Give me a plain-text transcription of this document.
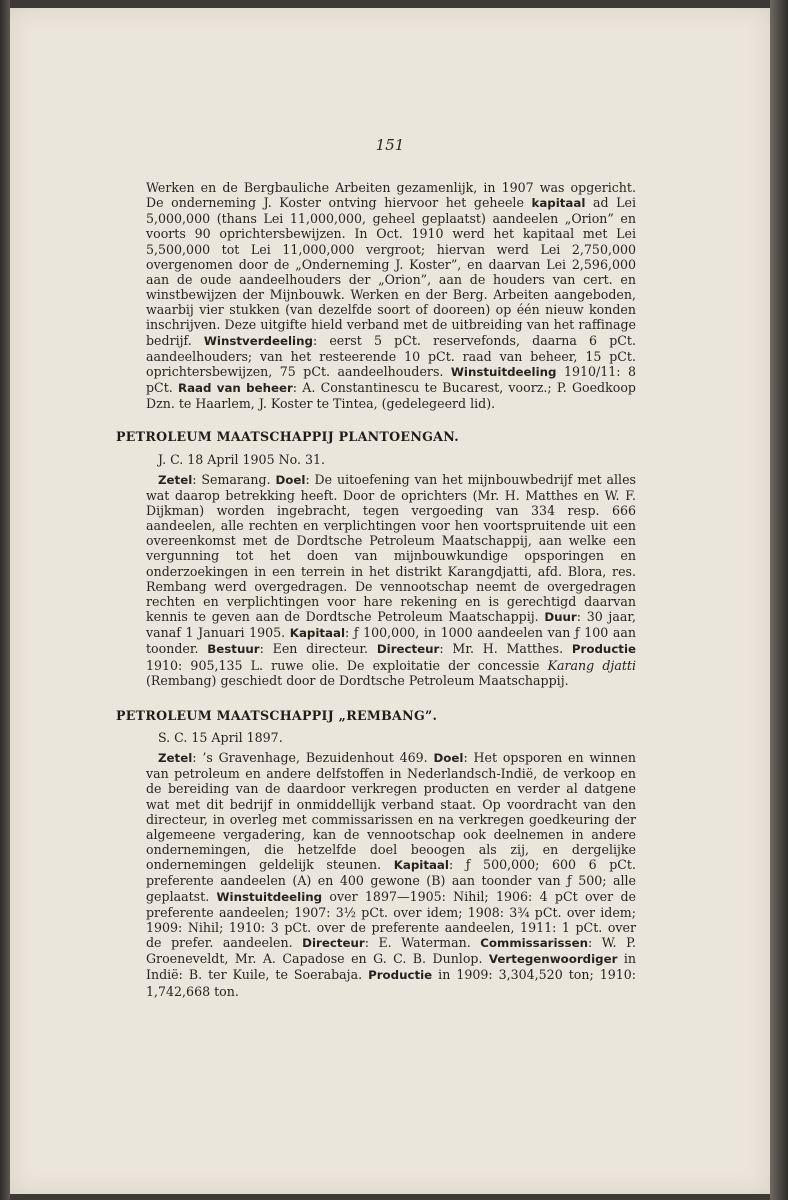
151

Werken en de Bergbauliche Arbeiten gezamenlijk, in 1907 was opgericht. De onderneming J. Koster ontving hiervoor het geheele kapitaal ad Lei 5,000,000 (thans Lei 11,000,000, geheel geplaatst) aandeelen „Orion” en voorts 90 oprichtersbewijzen. In Oct. 1910 werd het kapitaal met Lei 5,500,000 tot Lei 11,000,000 vergroot; hiervan werd Lei 2,750,000 overgenomen door de „Onderneming J. Koster”, en daarvan Lei 2,596,000 aan de oude aandeelhouders der „Orion”, aan de houders van cert. en winstbewijzen der Mijnbouwk. Werken en der Berg. Arbeiten aangeboden, waarbij vier stukken (van dezelfde soort of dooreen) op één nieuw konden inschrijven. Deze uitgifte hield verband met de uitbreiding van het raffinage bedrijf. Winstverdeeling: eerst 5 pCt. reservefonds, daarna 6 pCt. aandeelhouders; van het resteerende 10 pCt. raad van beheer, 15 pCt. oprichtersbewijzen, 75 pCt. aandeelhouders. Winstuitdeeling 1910/11: 8 pCt. Raad van beheer: A. Constantinescu te Bucarest, voorz.; P. Goedkoop Dzn. te Haarlem, J. Koster te Tintea, (gedelegeerd lid).

PETROLEUM MAATSCHAPPIJ PLANTOENGAN.
J. C. 18 April 1905 No. 31.

Zetel: Semarang. Doel: De uitoefening van het mijnbouwbedrijf met alles wat daarop betrekking heeft. Door de oprichters (Mr. H. Matthes en W. F. Dijkman) worden ingebracht, tegen vergoeding van 334 resp. 666 aandeelen, alle rechten en verplichtingen voor hen voortspruitende uit een overeenkomst met de Dordtsche Petroleum Maatschappij, aan welke een vergunning tot het doen van mijnbouwkundige opsporingen en onderzoekingen in een terrein in het distrikt Karangdjatti, afd. Blora, res. Rembang werd overgedragen. De vennootschap neemt de overgedragen rechten en verplichtingen voor hare rekening en is gerechtigd daarvan kennis te geven aan de Dordtsche Petroleum Maatschappij. Duur: 30 jaar, vanaf 1 Januari 1905. Kapitaal: ƒ 100,000, in 1000 aandeelen van ƒ 100 aan toonder. Bestuur: Een directeur. Directeur: Mr. H. Matthes. Productie 1910: 905,135 L. ruwe olie. De exploitatie der concessie Karang djatti (Rembang) geschiedt door de Dordtsche Petroleum Maatschappij.

PETROLEUM MAATSCHAPPIJ „REMBANG”.
S. C. 15 April 1897.

Zetel: ’s Gravenhage, Bezuidenhout 469. Doel: Het opsporen en winnen van petroleum en andere delfstoffen in Nederlandsch-Indië, de verkoop en de bereiding van de daardoor verkregen producten en verder al datgene wat met dit bedrijf in onmiddellijk verband staat. Op voordracht van den directeur, in overleg met commissarissen en na verkregen goedkeuring der algemeene vergadering, kan de vennootschap ook deelnemen in andere ondernemingen, die hetzelfde doel beoogen als zij, en dergelijke ondernemingen geldelijk steunen. Kapitaal: ƒ 500,000; 600 6 pCt. preferente aandeelen (A) en 400 gewone (B) aan toonder van ƒ 500; alle geplaatst. Winstuitdeeling over 1897—1905: Nihil; 1906: 4 pCt over de preferente aandeelen; 1907: 3½ pCt. over idem; 1908: 3¾ pCt. over idem; 1909: Nihil; 1910: 3 pCt. over de preferente aandeelen, 1911: 1 pCt. over de prefer. aandeelen. Directeur: E. Waterman. Commissarissen: W. P. Groeneveldt, Mr. A. Capadose en G. C. B. Dunlop. Vertegenwoordiger in Indië: B. ter Kuile, te Soerabaja. Productie in 1909: 3,304,520 ton; 1910: 1,742,668 ton.
